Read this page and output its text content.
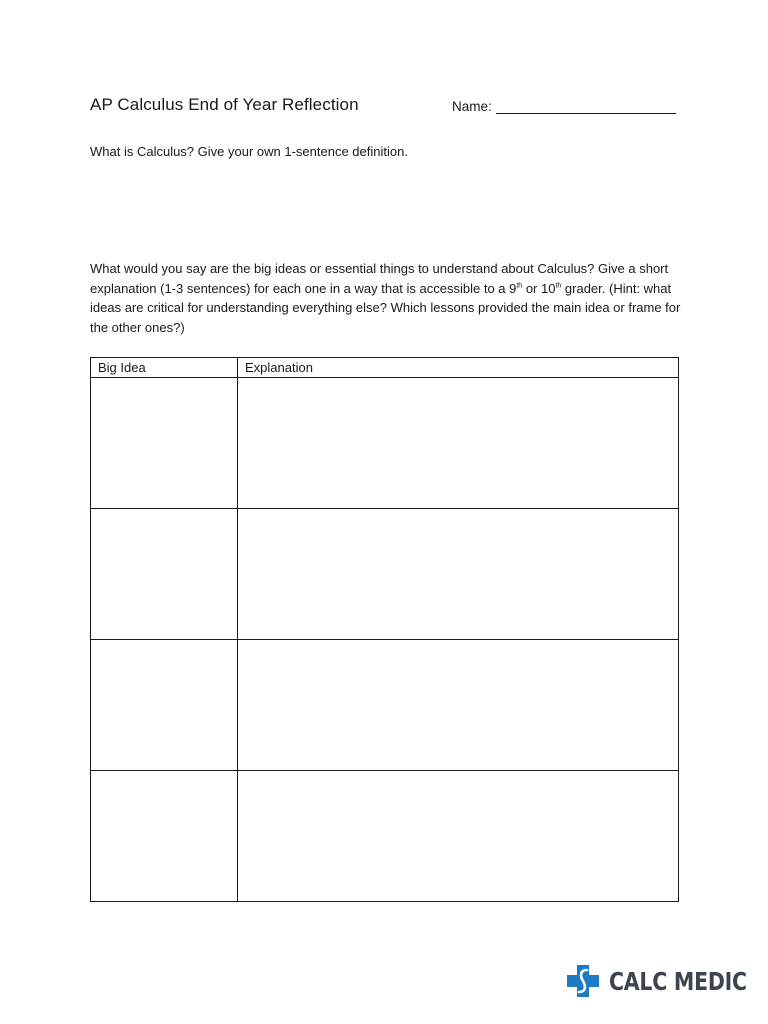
AP Calculus End of Year Reflection	Name:

What is Calculus? Give your own 1-sentence definition.

What would you say are the big ideas or essential things to understand about Calculus? Give a short explanation (1-3 sentences) for each one in a way that is accessible to a 9th or 10th grader. (Hint: what ideas are critical for understanding everything else? Which lessons provided the main idea or frame for the other ones?)

Big Idea	Explanation

CALC MEDIC
